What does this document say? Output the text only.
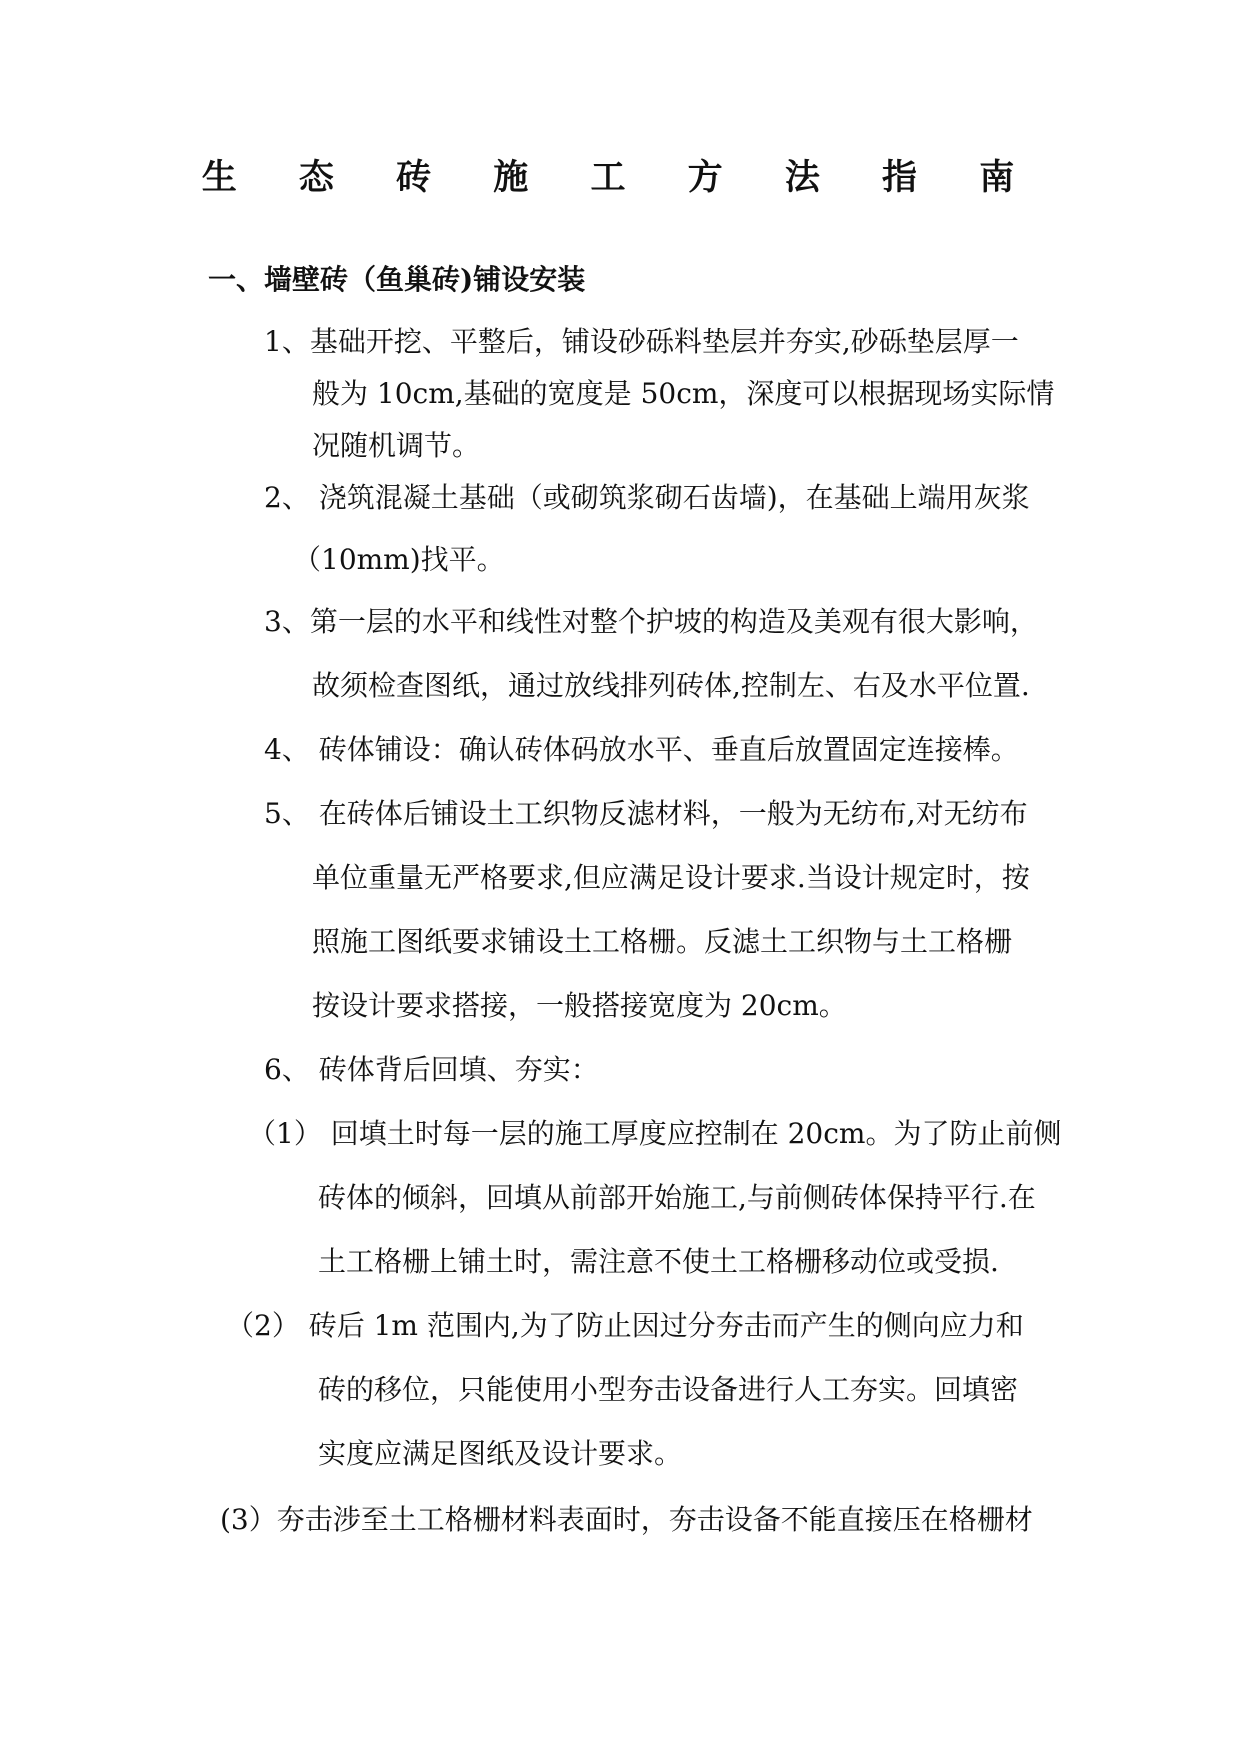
生 态 砖 施 工 方 法 指 南
一、墙壁砖（鱼巢砖)铺设安装
1、基础开挖、平整后，铺设砂砾料垫层并夯实,砂砾垫层厚一
般为 10cm,基础的宽度是 50cm，深度可以根据现场实际情
况随机调节。
2、 浇筑混凝土基础（或砌筑浆砌石齿墙)，在基础上端用灰浆
（10mm)找平。
3、第一层的水平和线性对整个护坡的构造及美观有很大影响，
故须检查图纸，通过放线排列砖体,控制左、右及水平位置.
4、 砖体铺设：确认砖体码放水平、垂直后放置固定连接棒。
5、 在砖体后铺设土工织物反滤材料，一般为无纺布,对无纺布
单位重量无严格要求,但应满足设计要求.当设计规定时，按
照施工图纸要求铺设土工格栅。反滤土工织物与土工格栅
按设计要求搭接，一般搭接宽度为 20cm。
6、 砖体背后回填、夯实：
（1） 回填土时每一层的施工厚度应控制在 20cm。为了防止前侧
砖体的倾斜，回填从前部开始施工,与前侧砖体保持平行.在
土工格栅上铺土时，需注意不使土工格栅移动位或受损.
（2） 砖后 1m 范围内,为了防止因过分夯击而产生的侧向应力和
砖的移位，只能使用小型夯击设备进行人工夯实。回填密
实度应满足图纸及设计要求。
(3）夯击涉至土工格栅材料表面时，夯击设备不能直接压在格栅材
